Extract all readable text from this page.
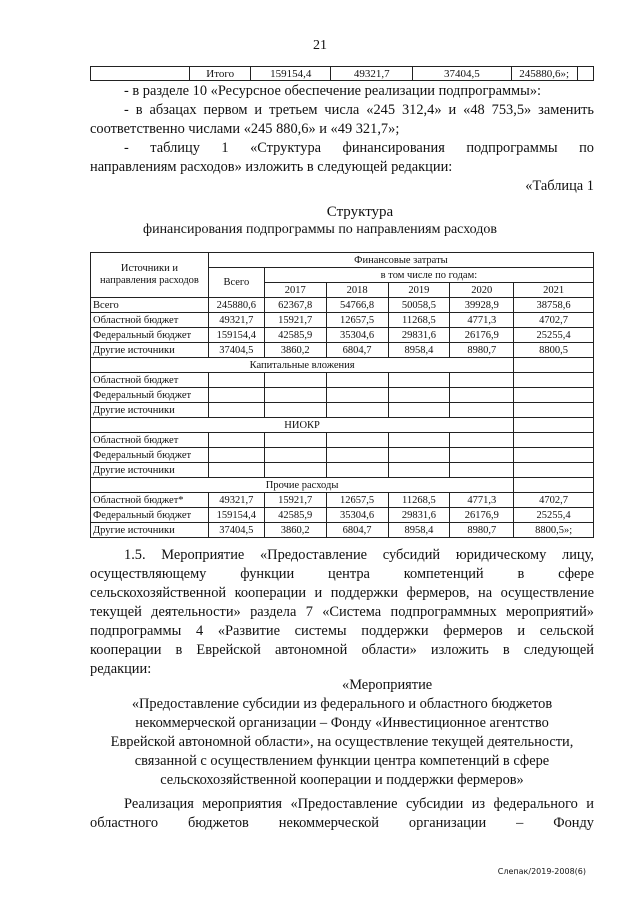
21
	Итого	159154,4	49321,7	37404,5	245880,6»;	
- в разделе 10 «Ресурсное обеспечение реализации подпрограммы»:
- в абзацах первом и третьем числа «245 312,4» и «48 753,5» заменить
соответственно числами «245 880,6» и «49 321,7»;
- таблицу 1 «Структура финансирования подпрограммы по
направлениям расходов» изложить в следующей редакции:
«Таблица 1
Структура
финансирования подпрограммы по направлениям расходов
Источники и направления расходов	Финансовые затраты					
	Всего	в том числе по годам:				
		2017	2018	2019	2020	2021
Всего	245880,6	62367,8	54766,8	50058,5	39928,9	38758,6
Областной бюджет	49321,7	15921,7	12657,5	11268,5	4771,3	4702,7
Федеральный бюджет	159154,4	42585,9	35304,6	29831,6	26176,9	25255,4
Другие источники	37404,5	3860,2	6804,7	8958,4	8980,7	8800,5
Капитальные вложения						
Областной бюджет						
Федеральный бюджет						
Другие источники						
НИОКР						
Областной бюджет						
Федеральный бюджет						
Другие источники						
Прочие расходы						
Областной бюджет*	49321,7	15921,7	12657,5	11268,5	4771,3	4702,7
Федеральный бюджет	159154,4	42585,9	35304,6	29831,6	26176,9	25255,4
Другие источники	37404,5	3860,2	6804,7	8958,4	8980,7	8800,5»;
1.5. Мероприятие «Предоставление субсидий юридическому лицу,
осуществляющему функции центра компетенций в сфере
сельскохозяйственной кооперации и поддержки фермеров, на осуществление
текущей деятельности» раздела 7 «Система подпрограммных мероприятий»
подпрограммы 4 «Развитие системы поддержки фермеров и сельской
кооперации в Еврейской автономной области» изложить в следующей
редакции:
«Мероприятие
«Предоставление субсидии из федерального и областного бюджетов
некоммерческой организации – Фонду «Инвестиционное агентство
Еврейской автономной области», на осуществление текущей деятельности,
связанной с осуществлением функции центра компетенций в сфере
сельскохозяйственной кооперации и поддержки фермеров»
Реализация мероприятия «Предоставление субсидии из федерального и
областного бюджетов некоммерческой организации – Фонду
Слепак/2019-2008(6)
